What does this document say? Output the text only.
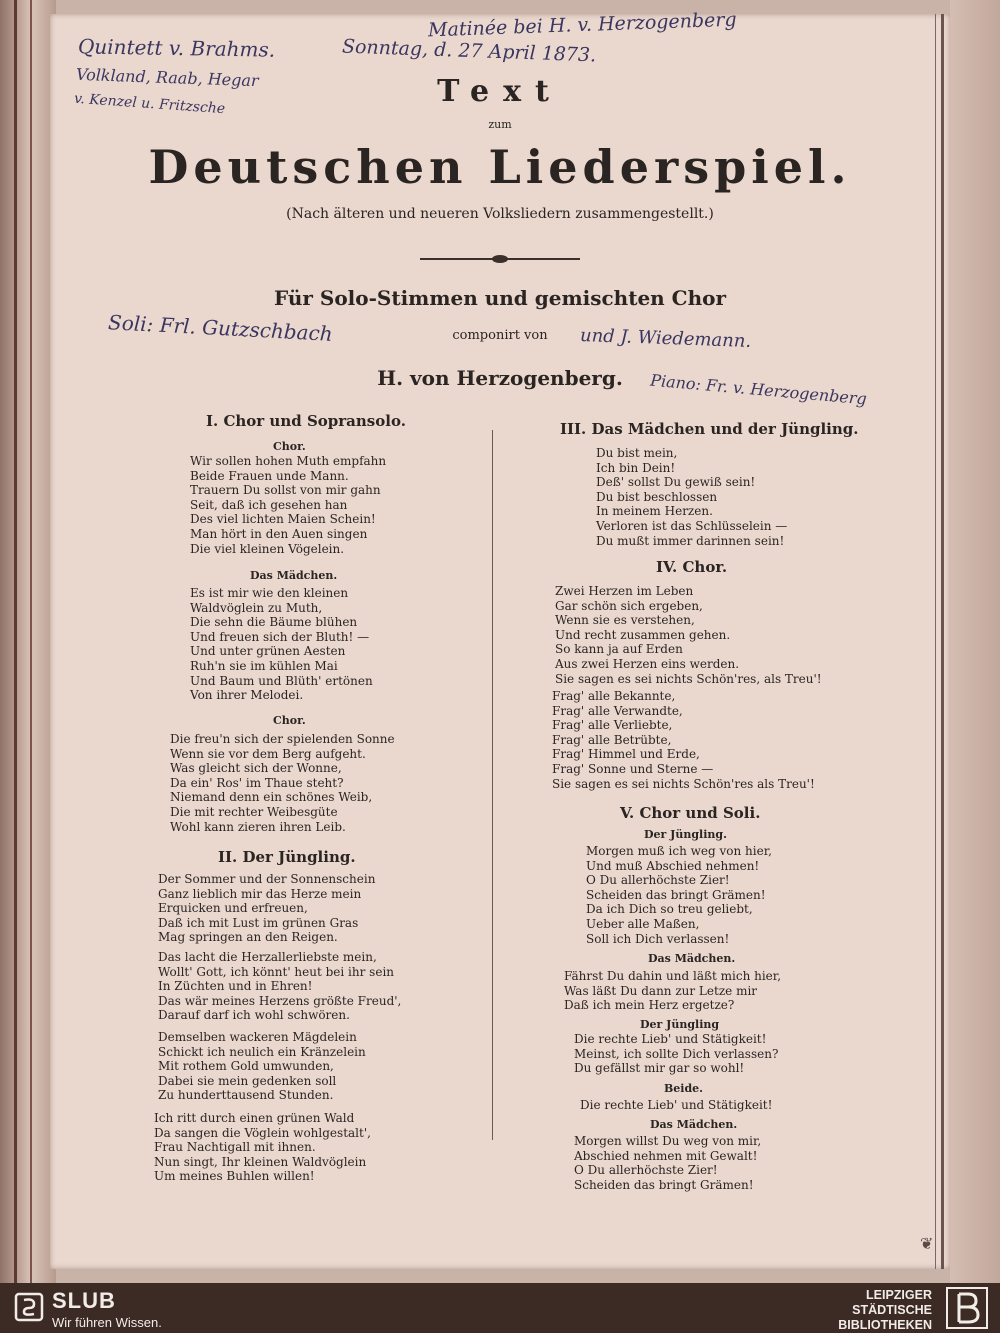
Matinée bei H. v. Herzogenberg
Quintett v. Brahms.	Sonntag, d. 27 April 1873.
Volkland, Raab, Hegar
v. Kenzel u. Fritzsche
Soli: Frl. Gutzschbach	und J. Wiedemann.
Piano: Fr. v. Herzogenberg
Text
zum
Deutschen Liederspiel.
(Nach älteren und neueren Volksliedern zusammengestellt.)
Für Solo-Stimmen und gemischten Chor
componirt von
H. von Herzogenberg.
I. Chor und Sopransolo.
Chor.
Wir sollen hohen Muth empfahn
Beide Frauen unde Mann.
Trauern Du sollst von mir gahn
Seit, daß ich gesehen han
Des viel lichten Maien Schein!
Man hört in den Auen singen
Die viel kleinen Vögelein.
Das Mädchen.
Es ist mir wie den kleinen
Waldvöglein zu Muth,
Die sehn die Bäume blühen
Und freuen sich der Bluth! —
Und unter grünen Aesten
Ruh'n sie im kühlen Mai
Und Baum und Blüth' ertönen
Von ihrer Melodei.
Chor.
Die freu'n sich der spielenden Sonne
Wenn sie vor dem Berg aufgeht.
Was gleicht sich der Wonne,
Da ein' Ros' im Thaue steht?
Niemand denn ein schönes Weib,
Die mit rechter Weibesgüte
Wohl kann zieren ihren Leib.
II. Der Jüngling.
Der Sommer und der Sonnenschein
Ganz lieblich mir das Herze mein
Erquicken und erfreuen,
Daß ich mit Lust im grünen Gras
Mag springen an den Reigen.
Das lacht die Herzallerliebste mein,
Wollt' Gott, ich könnt' heut bei ihr sein
In Züchten und in Ehren!
Das wär meines Herzens größte Freud',
Darauf darf ich wohl schwören.
Demselben wackeren Mägdelein
Schickt ich neulich ein Kränzelein
Mit rothem Gold umwunden,
Dabei sie mein gedenken soll
Zu hunderttausend Stunden.
Ich ritt durch einen grünen Wald
Da sangen die Vöglein wohlgestalt',
Frau Nachtigall mit ihnen.
Nun singt, Ihr kleinen Waldvöglein
Um meines Buhlen willen!
III. Das Mädchen und der Jüngling.
Du bist mein,
Ich bin Dein!
Deß' sollst Du gewiß sein!
Du bist beschlossen
In meinem Herzen.
Verloren ist das Schlüsselein —
Du mußt immer darinnen sein!
IV. Chor.
Zwei Herzen im Leben
Gar schön sich ergeben,
Wenn sie es verstehen,
Und recht zusammen gehen.
So kann ja auf Erden
Aus zwei Herzen eins werden.
Sie sagen es sei nichts Schön'res, als Treu'!
Frag' alle Bekannte,
Frag' alle Verwandte,
Frag' alle Verliebte,
Frag' alle Betrübte,
Frag' Himmel und Erde,
Frag' Sonne und Sterne —
Sie sagen es sei nichts Schön'res als Treu'!
V. Chor und Soli.
Der Jüngling.
Morgen muß ich weg von hier,
Und muß Abschied nehmen!
O Du allerhöchste Zier!
Scheiden das bringt Grämen!
Da ich Dich so treu geliebt,
Ueber alle Maßen,
Soll ich Dich verlassen!
Das Mädchen.
Fährst Du dahin und läßt mich hier,
Was läßt Du dann zur Letze mir
Daß ich mein Herz ergetze?
Der Jüngling
Die rechte Lieb' und Stätigkeit!
Meinst, ich sollte Dich verlassen?
Du gefällst mir gar so wohl!
Beide.
Die rechte Lieb' und Stätigkeit!
Das Mädchen.
Morgen willst Du weg von mir,
Abschied nehmen mit Gewalt!
O Du allerhöchste Zier!
Scheiden das bringt Grämen!
❦
SLUB
Wir führen Wissen.
LEIPZIGER
STÄDTISCHE
BIBLIOTHEKEN
